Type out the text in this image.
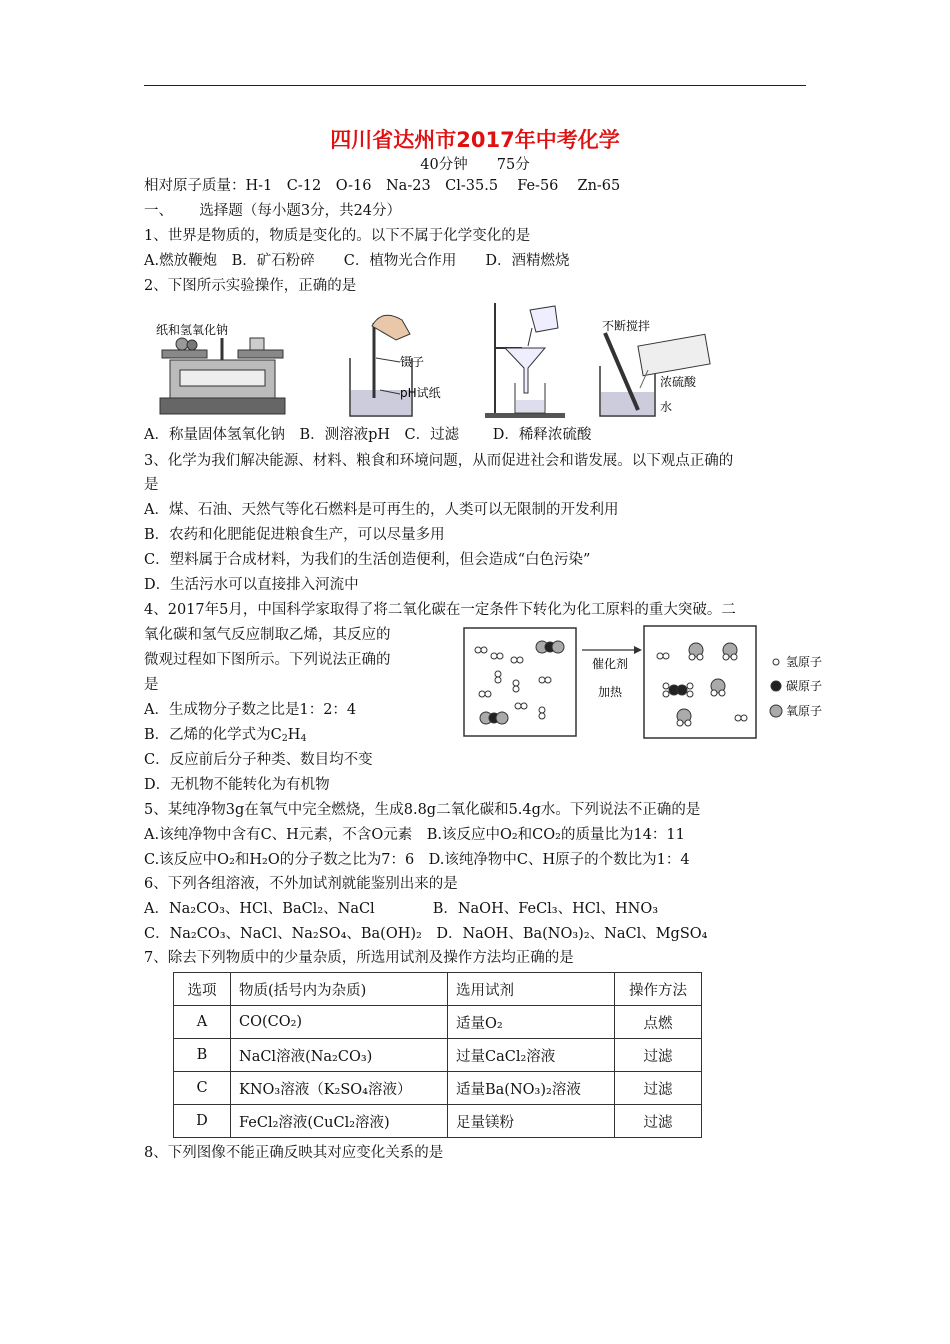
四川省达州市2017年中考化学
40分钟　　75分
相对原子质量：H-1　C-12　O-16　Na-23　Cl-35.5　 Fe-56　 Zn-65
一、　　 选择题（每小题3分，共24分）
1、世界是物质的，物质是变化的。以下不属于化学变化的是
A.燃放鞭炮　B．矿石粉碎　　C．植物光合作用　　D．酒精燃烧
2、下图所示实验操作，正确的是
纸和氢氧化钠
镊子
pH试纸
不断搅拌
浓硫酸
水
A．称量固体氢氧化钠　B．测溶液pH　C．过滤　　 D．稀释浓硫酸
3、化学为我们解决能源、材料、粮食和环境问题，从而促进社会和谐发展。以下观点正确的
是
A．煤、石油、天然气等化石燃料是可再生的，人类可以无限制的开发利用
B．农药和化肥能促进粮食生产，可以尽量多用
C．塑料属于合成材料，为我们的生活创造便利，但会造成“白色污染”
D．生活污水可以直接排入河流中
4、2017年5月，中国科学家取得了将二氧化碳在一定条件下转化为化工原料的重大突破。二
氧化碳和氢气反应制取乙烯，其反应的
微观过程如下图所示。下列说法正确的
是
A．生成物分子数之比是1：2：4
B．乙烯的化学式为$C_2H_4$
C．反应前后分子种类、数目均不变
D．无机物不能转化为有机物
催化剂
加热
氢原子
碳原子
氧原子
5、某纯净物3g在氧气中完全燃烧，生成8.8g二氧化碳和5.4g水。下列说法不正确的是
A.该纯净物中含有C、H元素，不含O元素　B.该反应中O₂和CO₂的质量比为14：11
C.该反应中O₂和H₂O的分子数之比为7：6　D.该纯净物中C、H原子的个数比为1：4
6、下列各组溶液，不外加试剂就能鉴别出来的是
A．Na₂CO₃、HCl、BaCl₂、NaCl　　　　B．NaOH、FeCl₃、HCl、HNO₃
C．Na₂CO₃、NaCl、Na₂SO₄、Ba(OH)₂　D．NaOH、Ba(NO₃)₂、NaCl、MgSO₄
7、除去下列物质中的少量杂质，所选用试剂及操作方法均正确的是
选项	物质(括号内为杂质)	选用试剂	操作方法
A	CO(CO₂)	适量O₂	点燃
B	NaCl溶液(Na₂CO₃)	过量CaCl₂溶液	过滤
C	KNO₃溶液（K₂SO₄溶液）	适量Ba(NO₃)₂溶液	过滤
D	FeCl₂溶液(CuCl₂溶液)	足量镁粉	过滤
8、下列图像不能正确反映其对应变化关系的是
